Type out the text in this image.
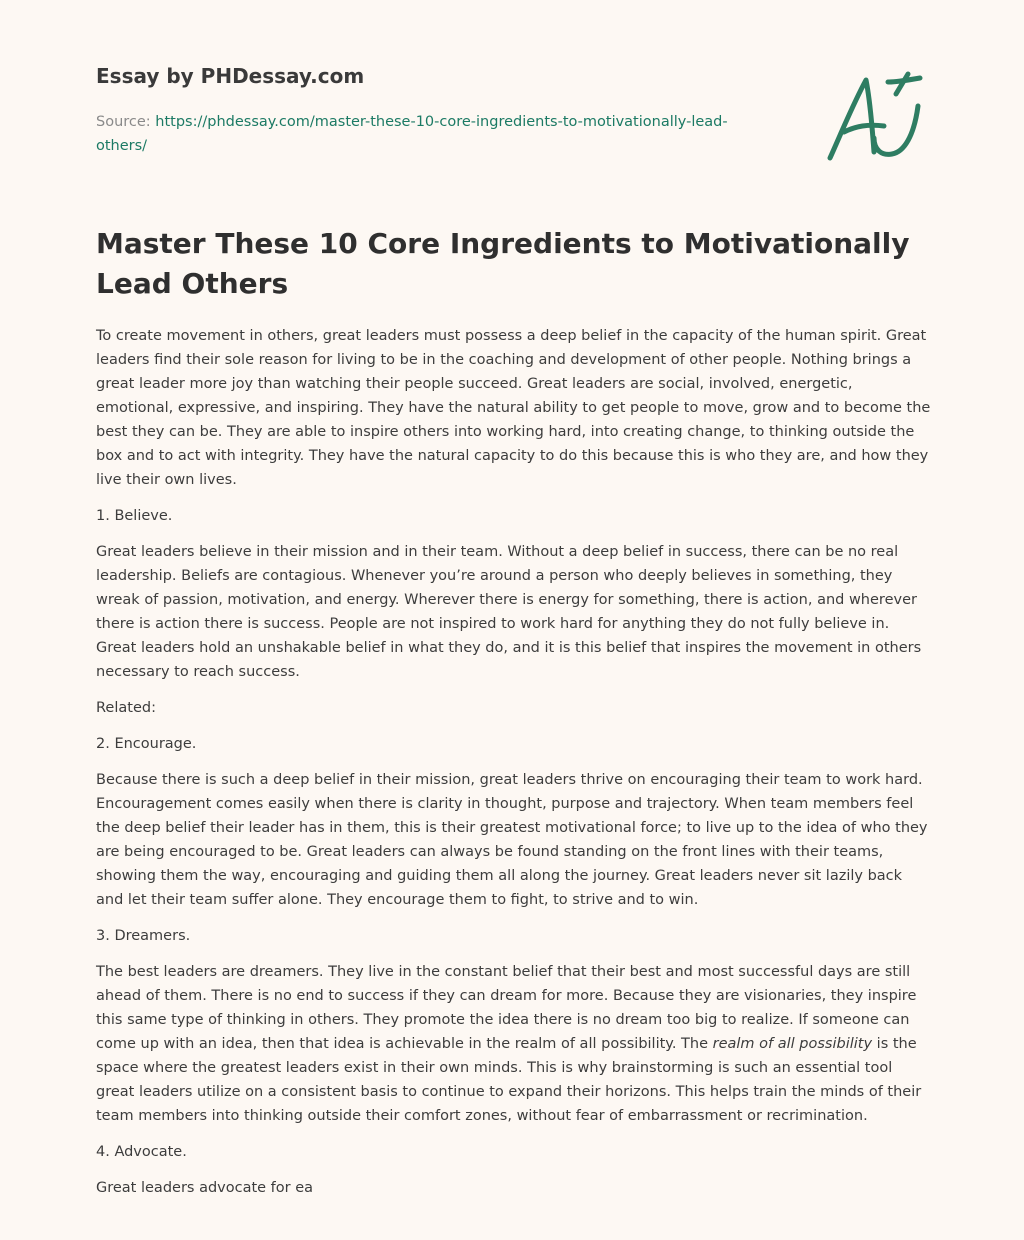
Essay by PHDessay.com
Source: https://phdessay.com/master-these-10-core-ingredients-to-motivationally-lead-others/
Master These 10 Core Ingredients to Motivationally Lead Others

To create movement in others, great leaders must possess a deep belief in the capacity of the human spirit. Great leaders find their sole reason for living to be in the coaching and development of other people. Nothing brings a great leader more joy than watching their people succeed. Great leaders are social, involved, energetic, emotional, expressive, and inspiring. They have the natural ability to get people to move, grow and to become the best they can be. They are able to inspire others into working hard, into creating change, to thinking outside the box and to act with integrity. They have the natural capacity to do this because this is who they are, and how they live their own lives.

1. Believe.

Great leaders believe in their mission and in their team. Without a deep belief in success, there can be no real leadership. Beliefs are contagious. Whenever you’re around a person who deeply believes in something, they wreak of passion, motivation, and energy. Wherever there is energy for something, there is action, and wherever there is action there is success. People are not inspired to work hard for anything they do not fully believe in. Great leaders hold an unshakable belief in what they do, and it is this belief that inspires the movement in others necessary to reach success.

Related:

2. Encourage.

Because there is such a deep belief in their mission, great leaders thrive on encouraging their team to work hard. Encouragement comes easily when there is clarity in thought, purpose and trajectory. When team members feel the deep belief their leader has in them, this is their greatest motivational force; to live up to the idea of who they are being encouraged to be. Great leaders can always be found standing on the front lines with their teams, showing them the way, encouraging and guiding them all along the journey. Great leaders never sit lazily back and let their team suffer alone. They encourage them to fight, to strive and to win.

3. Dreamers.

The best leaders are dreamers. They live in the constant belief that their best and most successful days are still ahead of them. There is no end to success if they can dream for more. Because they are visionaries, they inspire this same type of thinking in others. They promote the idea there is no dream too big to realize. If someone can come up with an idea, then that idea is achievable in the realm of all possibility. The realm of all possibility is the space where the greatest leaders exist in their own minds. This is why brainstorming is such an essential tool great leaders utilize on a consistent basis to continue to expand their horizons. This helps train the minds of their team members into thinking outside their comfort zones, without fear of embarrassment or recrimination.

4. Advocate.

Great leaders advocate for ea
